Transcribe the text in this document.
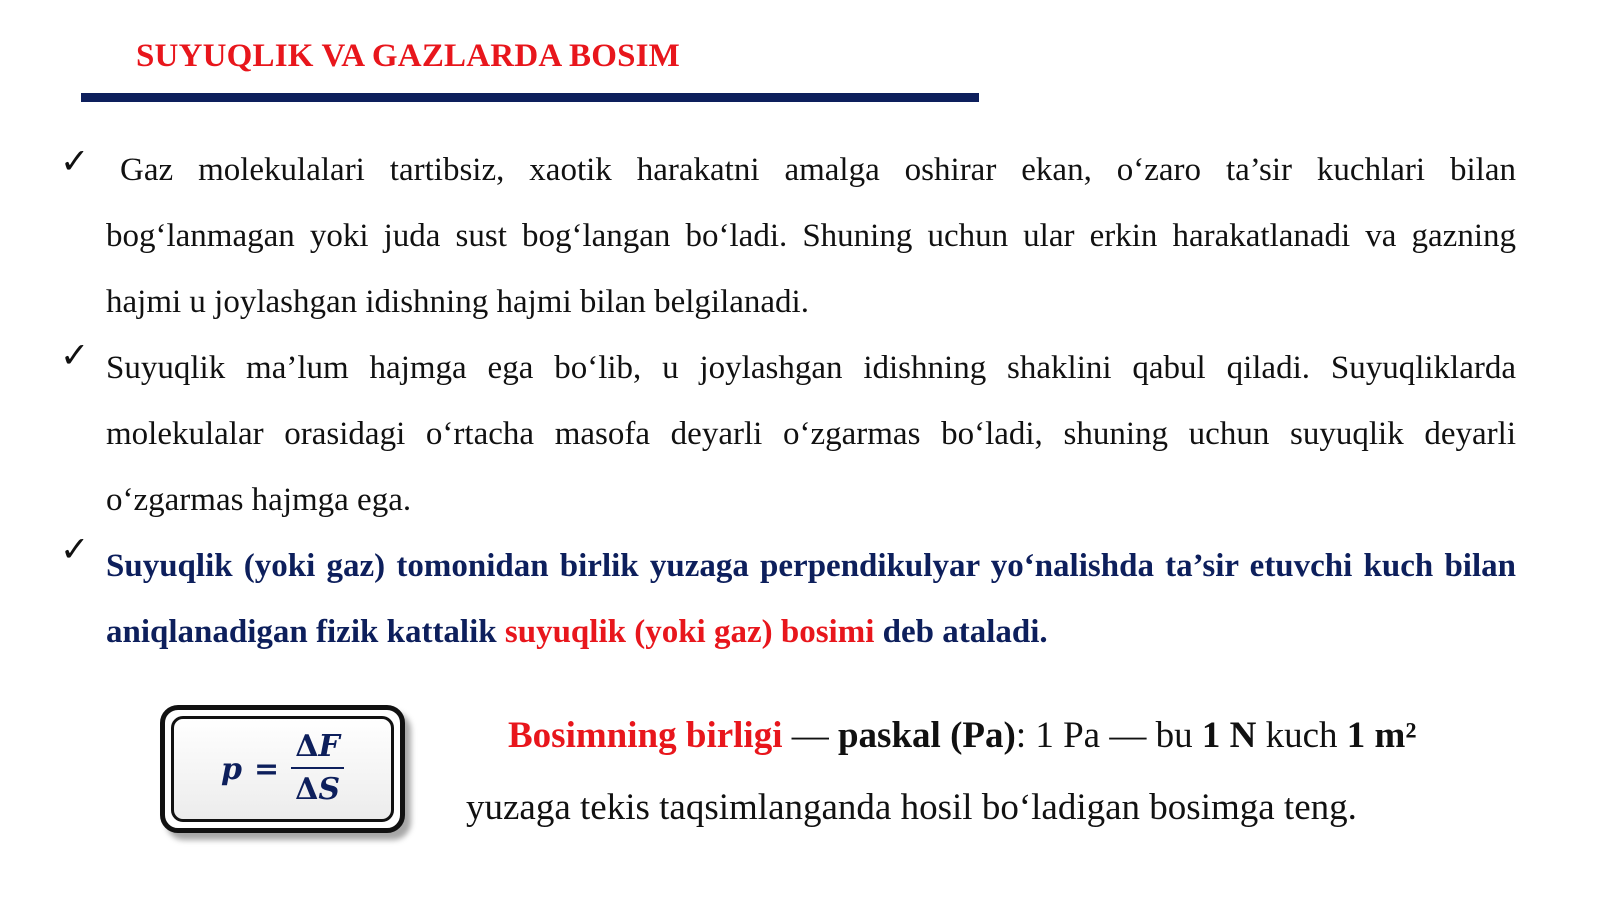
SUYUQLIK VA GAZLARDA BOSIM
✓ Gaz molekulalari tartibsiz, xaotik harakatni amalga oshirar ekan, o‘zaro ta’sir kuchlari bilan bog‘lanmagan yoki juda sust bog‘langan bo‘ladi. Shuning uchun ular erkin harakatlanadi va gazning hajmi u joylashgan idishning hajmi bilan belgilanadi.
✓ Suyuqlik ma’lum hajmga ega bo‘lib, u joylashgan idishning shaklini qabul qiladi. Suyuqliklarda molekulalar orasidagi o‘rtacha masofa deyarli o‘zgarmas bo‘ladi, shuning uchun suyuqlik deyarli o‘zgarmas hajmga ega.
✓ Suyuqlik (yoki gaz) tomonidan birlik yuzaga perpendikulyar yo‘nalishda ta’sir etuvchi kuch bilan aniqlanadigan fizik kattalik suyuqlik (yoki gaz) bosimi deb ataladi.
$p = \frac{\Delta F}{\Delta S}$	Bosimning birligi — paskal (Pa): 1 Pa — bu 1 N kuch 1 m²
yuzaga tekis taqsimlanganda hosil bo‘ladigan bosimga teng.
